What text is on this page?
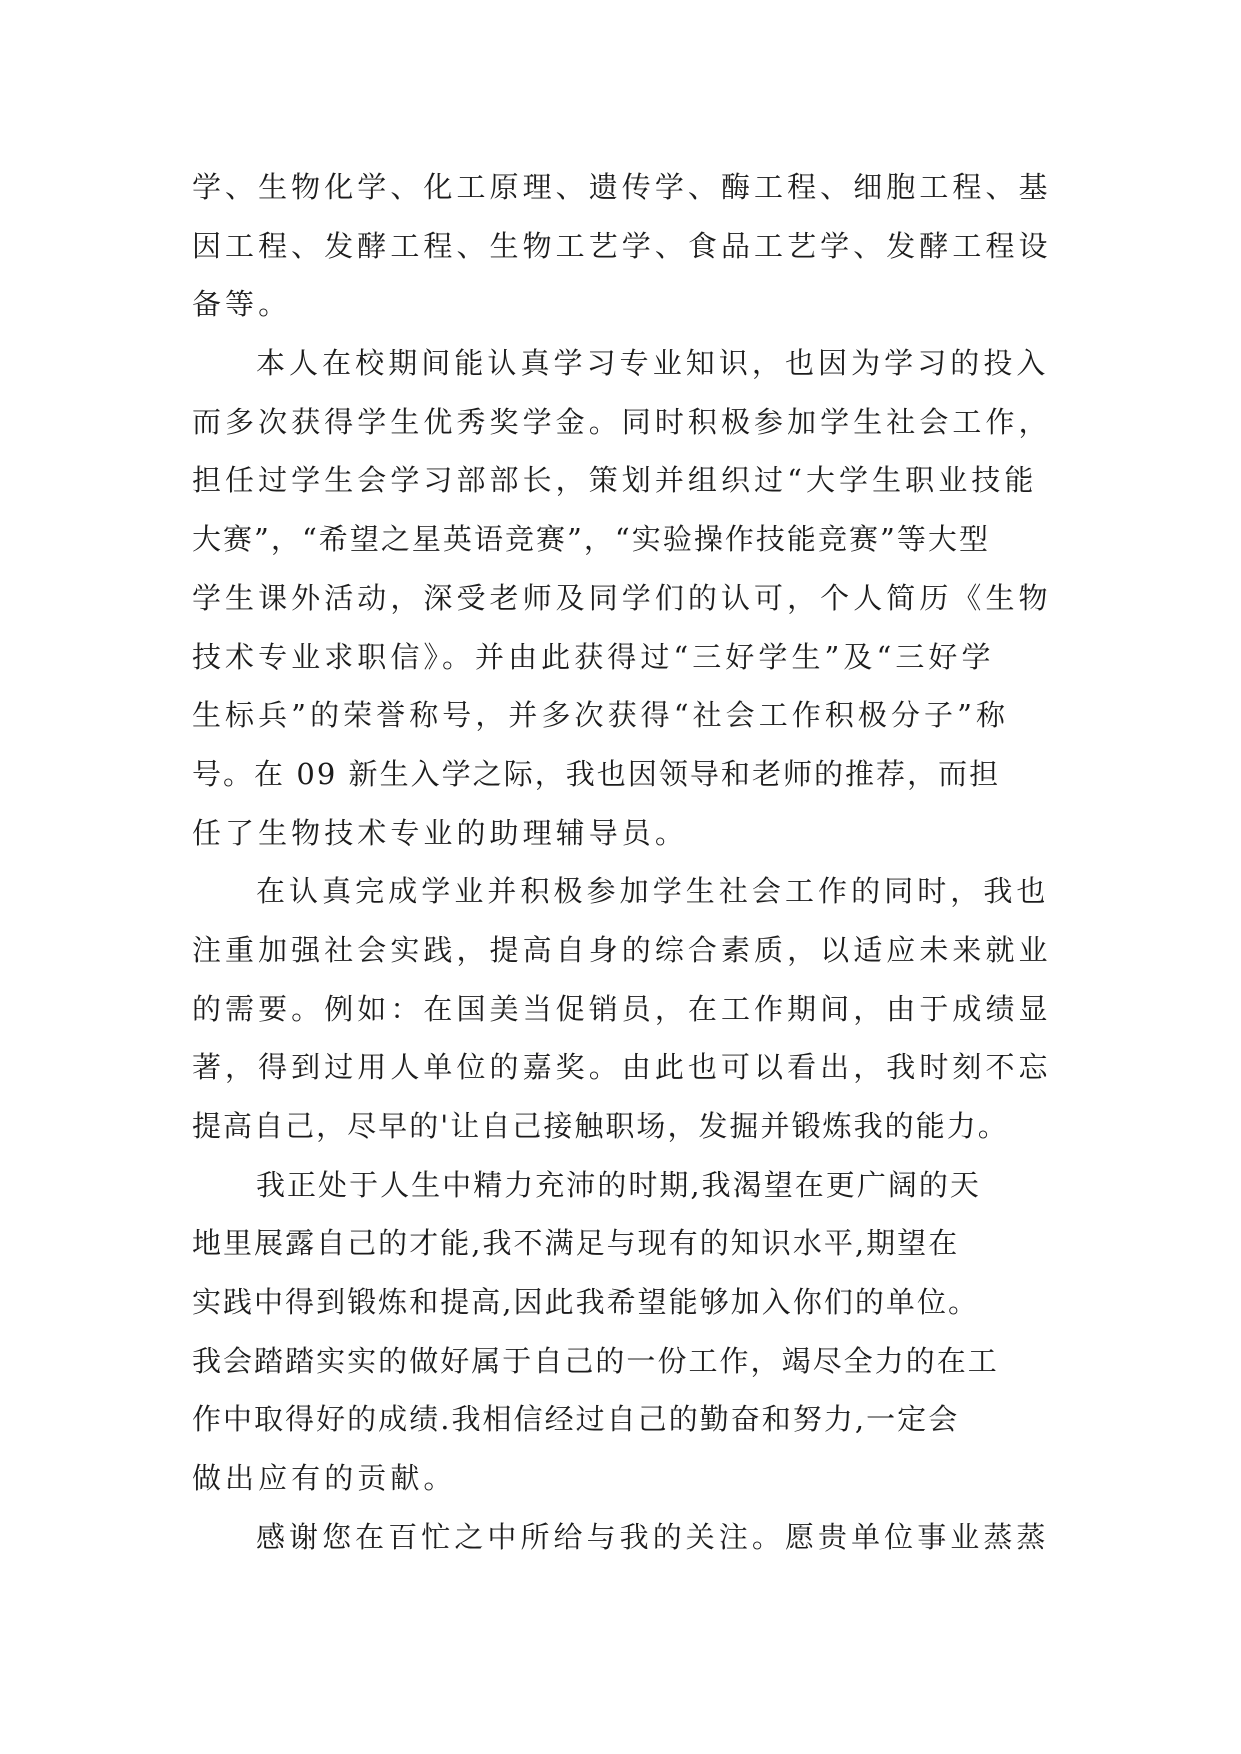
学、生物化学、化工原理、遗传学、酶工程、细胞工程、基
因工程、发酵工程、生物工艺学、食品工艺学、发酵工程设
备等。
本人在校期间能认真学习专业知识，也因为学习的投入
而多次获得学生优秀奖学金。同时积极参加学生社会工作，
担任过学生会学习部部长，策划并组织过“大学生职业技能
大赛”，“希望之星英语竞赛”，“实验操作技能竞赛”等大型
学生课外活动，深受老师及同学们的认可，个人简历《生物
技术专业求职信》。并由此获得过“三好学生”及“三好学
生标兵”的荣誉称号，并多次获得“社会工作积极分子”称
号。在 09 新生入学之际，我也因领导和老师的推荐，而担
任了生物技术专业的助理辅导员。
在认真完成学业并积极参加学生社会工作的同时，我也
注重加强社会实践，提高自身的综合素质，以适应未来就业
的需要。例如：在国美当促销员，在工作期间，由于成绩显
著，得到过用人单位的嘉奖。由此也可以看出，我时刻不忘
提高自己，尽早的'让自己接触职场，发掘并锻炼我的能力。
我正处于人生中精力充沛的时期,我渴望在更广阔的天
地里展露自己的才能,我不满足与现有的知识水平,期望在
实践中得到锻炼和提高,因此我希望能够加入你们的单位。
我会踏踏实实的做好属于自己的一份工作，竭尽全力的在工
作中取得好的成绩.我相信经过自己的勤奋和努力,一定会
做出应有的贡献。
感谢您在百忙之中所给与我的关注。愿贵单位事业蒸蒸
